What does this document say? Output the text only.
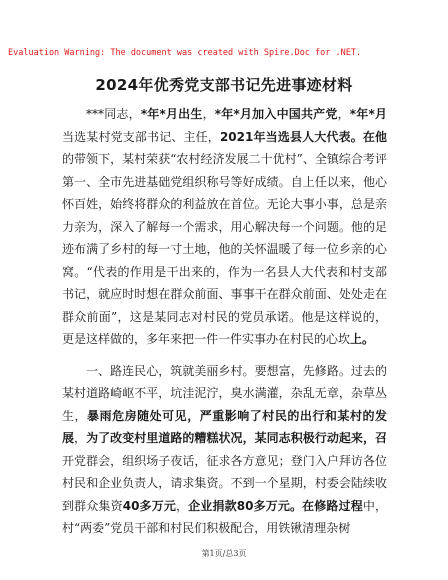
Evaluation Warning: The document was created with Spire.Doc for .NET.
2024年优秀党支部书记先进事迹材料

***同志，*年*月出生，*年*月加入中国共产党，*年*月当选某村党支部书记、主任，2021年当选县人大代表。在他的带领下，某村荣获“农村经济发展二十优村”、全镇综合考评第一、全市先进基础党组织称号等好成绩。自上任以来，他心怀百姓，始终将群众的利益放在首位。无论大事小事，总是亲力亲为，深入了解每一个需求，用心解决每一个问题。他的足迹布满了乡村的每一寸土地，他的关怀温暖了每一位乡亲的心窝。“代表的作用是干出来的，作为一名县人大代表和村支部书记，就应时时想在群众前面、事事干在群众前面、处处走在群众前面”，这是某同志对村民的党员承诺。他是这样说的，更是这样做的，多年来把一件一件实事办在村民的心坎上。

一、路连民心，筑就美丽乡村。要想富，先修路。过去的某村道路崎岖不平，坑洼泥泞，臭水满灌，杂乱无章，杂草丛生，暴雨危房随处可见，严重影响了村民的出行和某村的发展，为了改变村里道路的糟糕状况，某同志积极行动起来，召开党群会，组织场子夜话，征求各方意见；登门入户拜访各位村民和企业负责人，请求集资。不到一个星期，村委会陆续收到群众集资40多万元，企业捐款80多万元。在修路过程中，村“两委”党员干部和村民们积极配合，用铁锹清理杂树

第1页/总3页
